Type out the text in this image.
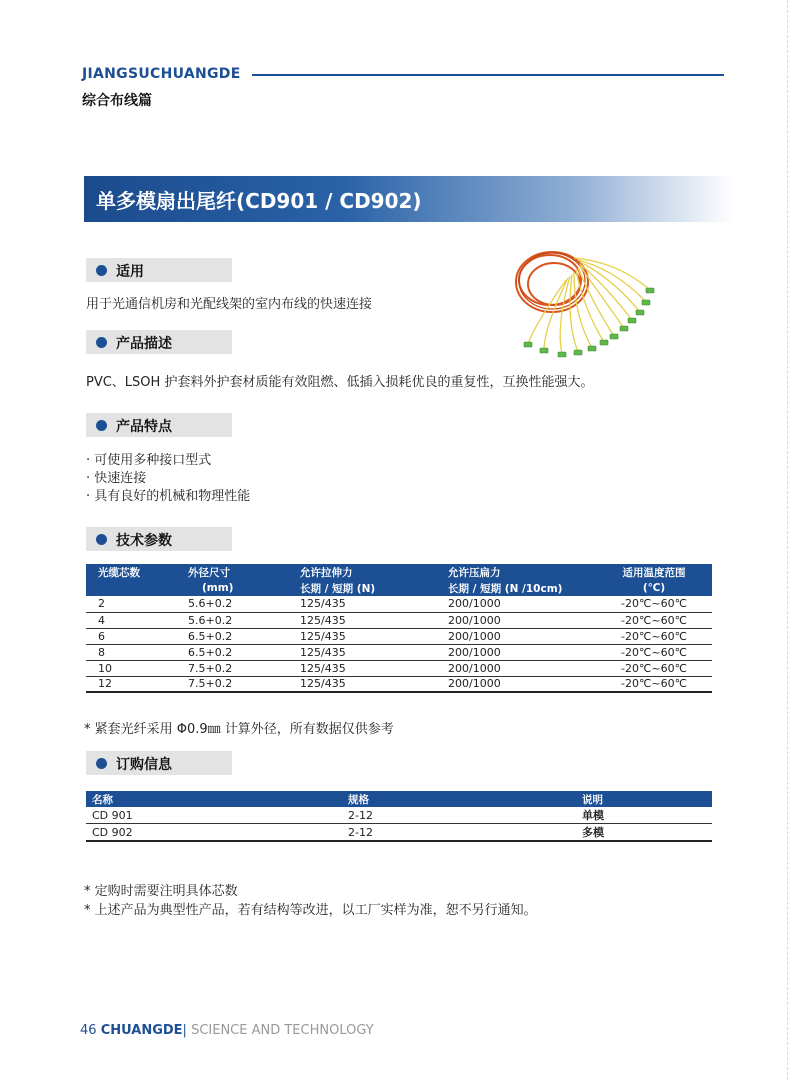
JIANGSUCHUANGDE
综合布线篇
单多模扇出尾纤(CD901 / CD902)
适用
用于光通信机房和光配线架的室内布线的快速连接
产品描述
PVC、LSOH 护套料外护套材质能有效阻燃、低插入损耗优良的重复性，互换性能强大。
产品特点
· 可使用多种接口型式
· 快速连接
· 具有良好的机械和物理性能
技术参数
光缆芯数	外径尺寸	允许拉伸力	允许压扁力	适用温度范围
	(mm)	长期 / 短期 (N)	长期 / 短期 (N /10cm)	(℃)
2	5.6+0.2	125/435	200/1000	-20℃~60℃
4	5.6+0.2	125/435	200/1000	-20℃~60℃
6	6.5+0.2	125/435	200/1000	-20℃~60℃
8	6.5+0.2	125/435	200/1000	-20℃~60℃
10	7.5+0.2	125/435	200/1000	-20℃~60℃
12	7.5+0.2	125/435	200/1000	-20℃~60℃
* 紧套光纤采用 Φ0.9㎜ 计算外径，所有数据仅供参考
订购信息
名称	规格	说明
CD 901	2-12	单模
CD 902	2-12	多模
* 定购时需要注明具体芯数
* 上述产品为典型性产品，若有结构等改进，以工厂实样为准，恕不另行通知。
46 CHUANGDE| SCIENCE AND TECHNOLOGY
